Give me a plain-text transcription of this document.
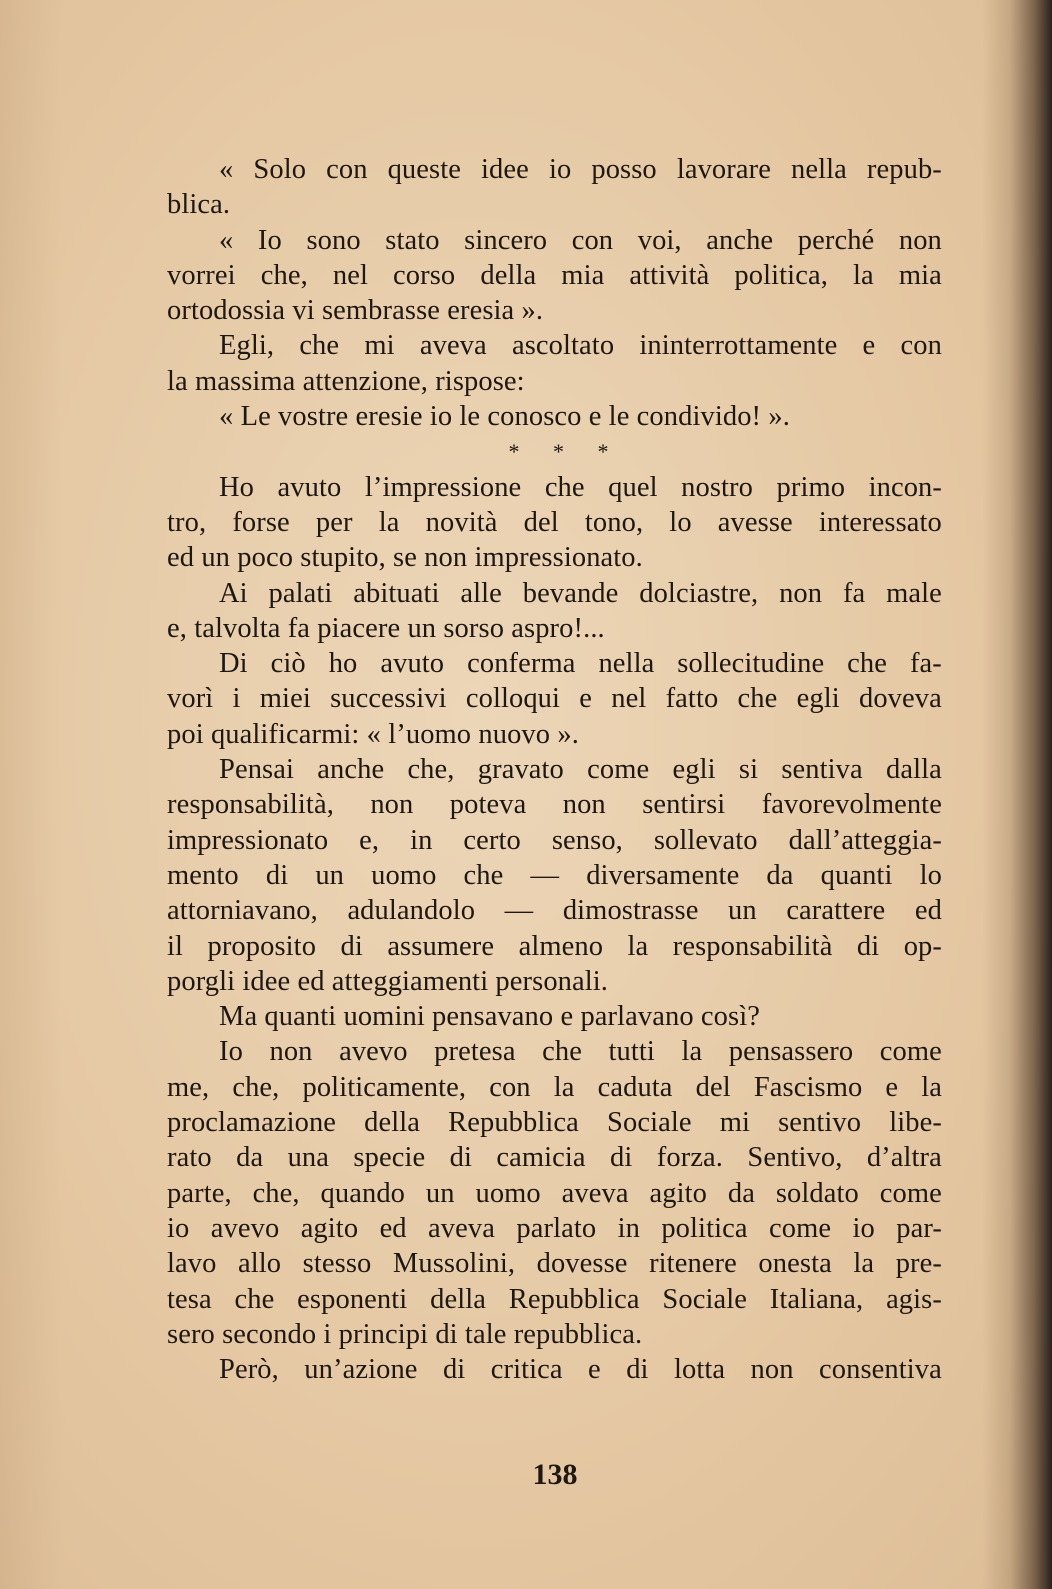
« Solo con queste idee io posso lavorare nella repub-
blica.
« Io sono stato sincero con voi, anche perché non
vorrei che, nel corso della mia attività politica, la mia
ortodossia vi sembrasse eresia ».
Egli, che mi aveva ascoltato ininterrottamente e con
la massima attenzione, rispose:
« Le vostre eresie io le conosco e le condivido! ».
* * *
Ho avuto l’impressione che quel nostro primo incon-
tro, forse per la novità del tono, lo avesse interessato
ed un poco stupito, se non impressionato.
Ai palati abituati alle bevande dolciastre, non fa male
e, talvolta fa piacere un sorso aspro!...
Di ciò ho avuto conferma nella sollecitudine che fa-
vorì i miei successivi colloqui e nel fatto che egli doveva
poi qualificarmi: « l’uomo nuovo ».
Pensai anche che, gravato come egli si sentiva dalla
responsabilità, non poteva non sentirsi favorevolmente
impressionato e, in certo senso, sollevato dall’atteggia-
mento di un uomo che — diversamente da quanti lo
attorniavano, adulandolo — dimostrasse un carattere ed
il proposito di assumere almeno la responsabilità di op-
porgli idee ed atteggiamenti personali.
Ma quanti uomini pensavano e parlavano così?
Io non avevo pretesa che tutti la pensassero come
me, che, politicamente, con la caduta del Fascismo e la
proclamazione della Repubblica Sociale mi sentivo libe-
rato da una specie di camicia di forza. Sentivo, d’altra
parte, che, quando un uomo aveva agito da soldato come
io avevo agito ed aveva parlato in politica come io par-
lavo allo stesso Mussolini, dovesse ritenere onesta la pre-
tesa che esponenti della Repubblica Sociale Italiana, agis-
sero secondo i principi di tale repubblica.
Però, un’azione di critica e di lotta non consentiva
138
